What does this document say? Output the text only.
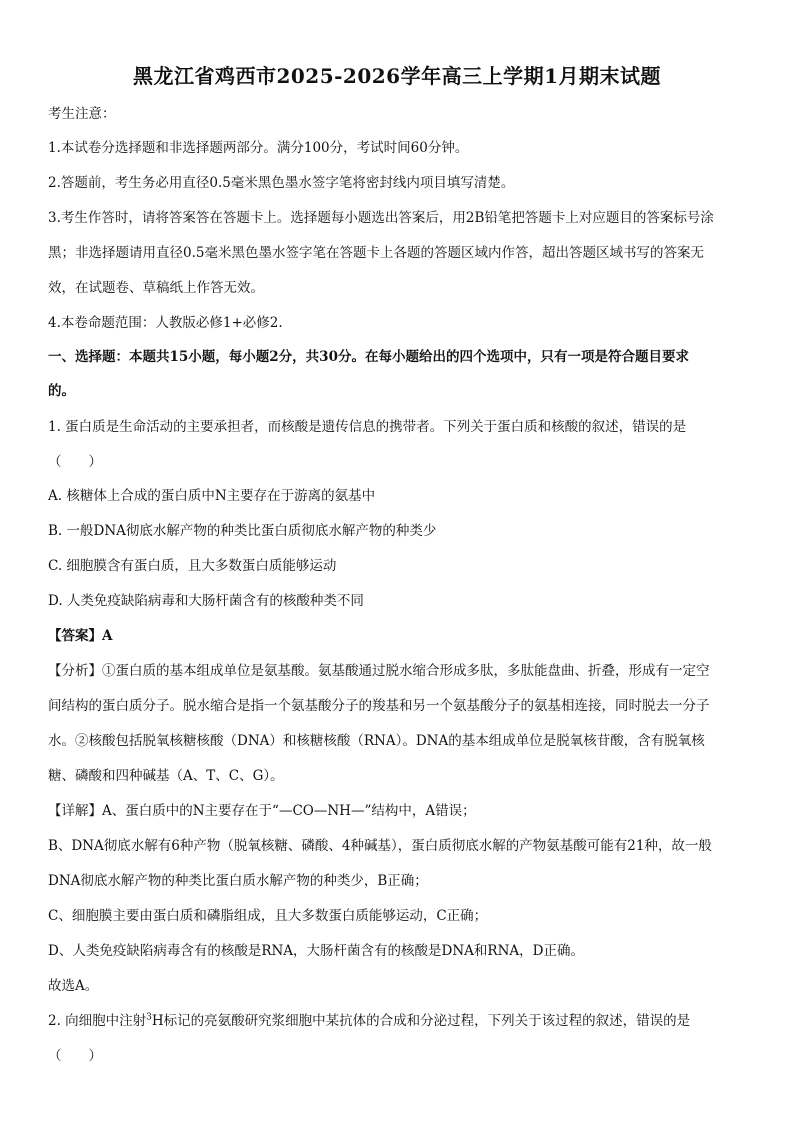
黑龙江省鸡西市2025-2026学年高三上学期1月期末试题
考生注意：
1.本试卷分选择题和非选择题两部分。满分100分，考试时间60分钟。
2.答题前，考生务必用直径0.5毫米黑色墨水签字笔将密封线内项目填写清楚。
3.考生作答时，请将答案答在答题卡上。选择题每小题选出答案后，用2B铅笔把答题卡上对应题目的答案标号涂
黑；非选择题请用直径0.5毫米黑色墨水签字笔在答题卡上各题的答题区域内作答，超出答题区域书写的答案无
效，在试题卷、草稿纸上作答无效。
4.本卷命题范围：人教版必修1+必修2.
一、选择题：本题共15小题，每小题2分，共30分。在每小题给出的四个选项中，只有一项是符合题目要求
的。
1. 蛋白质是生命活动的主要承担者，而核酸是遗传信息的携带者。下列关于蛋白质和核酸的叙述，错误的是
（　　）
A. 核糖体上合成的蛋白质中N主要存在于游离的氨基中
B. 一般DNA彻底水解产物的种类比蛋白质彻底水解产物的种类少
C. 细胞膜含有蛋白质，且大多数蛋白质能够运动
D. 人类免疫缺陷病毒和大肠杆菌含有的核酸种类不同
【答案】A
【分析】①蛋白质的基本组成单位是氨基酸。氨基酸通过脱水缩合形成多肽，多肽能盘曲、折叠，形成有一定空
间结构的蛋白质分子。脱水缩合是指一个氨基酸分子的羧基和另一个氨基酸分子的氨基相连接，同时脱去一分子
水。②核酸包括脱氧核糖核酸（DNA）和核糖核酸（RNA）。DNA的基本组成单位是脱氧核苷酸，含有脱氧核
糖、磷酸和四种碱基（A、T、C、G）。
【详解】A、蛋白质中的N主要存在于“—CO—NH—”结构中，A错误；
B、DNA彻底水解有6种产物（脱氧核糖、磷酸、4种碱基），蛋白质彻底水解的产物氨基酸可能有21种，故一般
DNA彻底水解产物的种类比蛋白质水解产物的种类少，B正确；
C、细胞膜主要由蛋白质和磷脂组成，且大多数蛋白质能够运动，C正确；
D、人类免疫缺陷病毒含有的核酸是RNA，大肠杆菌含有的核酸是DNA和RNA，D正确。
故选A。
2. 向细胞中注射$^3$H标记的亮氨酸研究浆细胞中某抗体的合成和分泌过程，下列关于该过程的叙述，错误的是
（　　）
